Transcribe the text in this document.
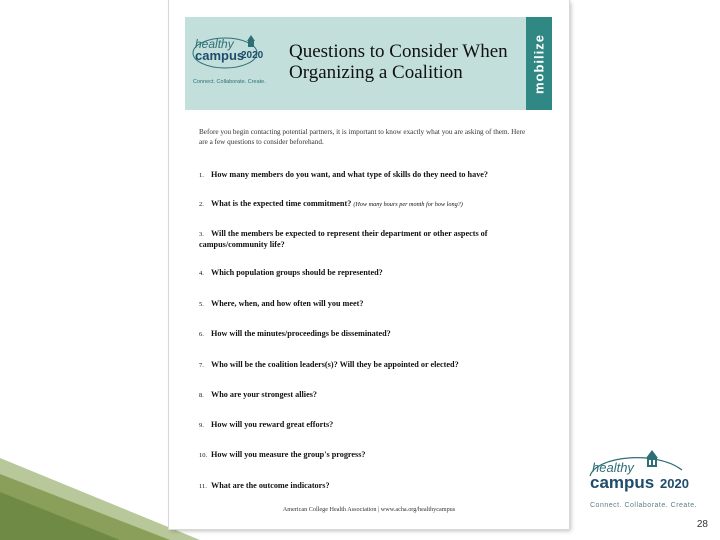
healthy
campus
2020
Connect. Collaborate. Create.
Questions to Consider When Organizing a Coalition	mobilize
Before you begin contacting potential partners, it is important to know exactly what you are asking of them. Here are a few questions to consider beforehand.
1. How many members do you want, and what type of skills do they need to have?
2. What is the expected time commitment? (How many hours per month for how long?)
3. Will the members be expected to represent their department or other aspects of campus/community life?
4. Which population groups should be represented?
5. Where, when, and how often will you meet?
6. How will the minutes/proceedings be disseminated?
7. Who will be the coalition leaders(s)? Will they be appointed or elected?
8. Who are your strongest allies?
9. How will you reward great efforts?
10. How will you measure the group's progress?
11. What are the outcome indicators?
American College Health Association | www.acha.org/healthycampus
healthy
campus 2020
Connect. Collaborate. Create.
28
